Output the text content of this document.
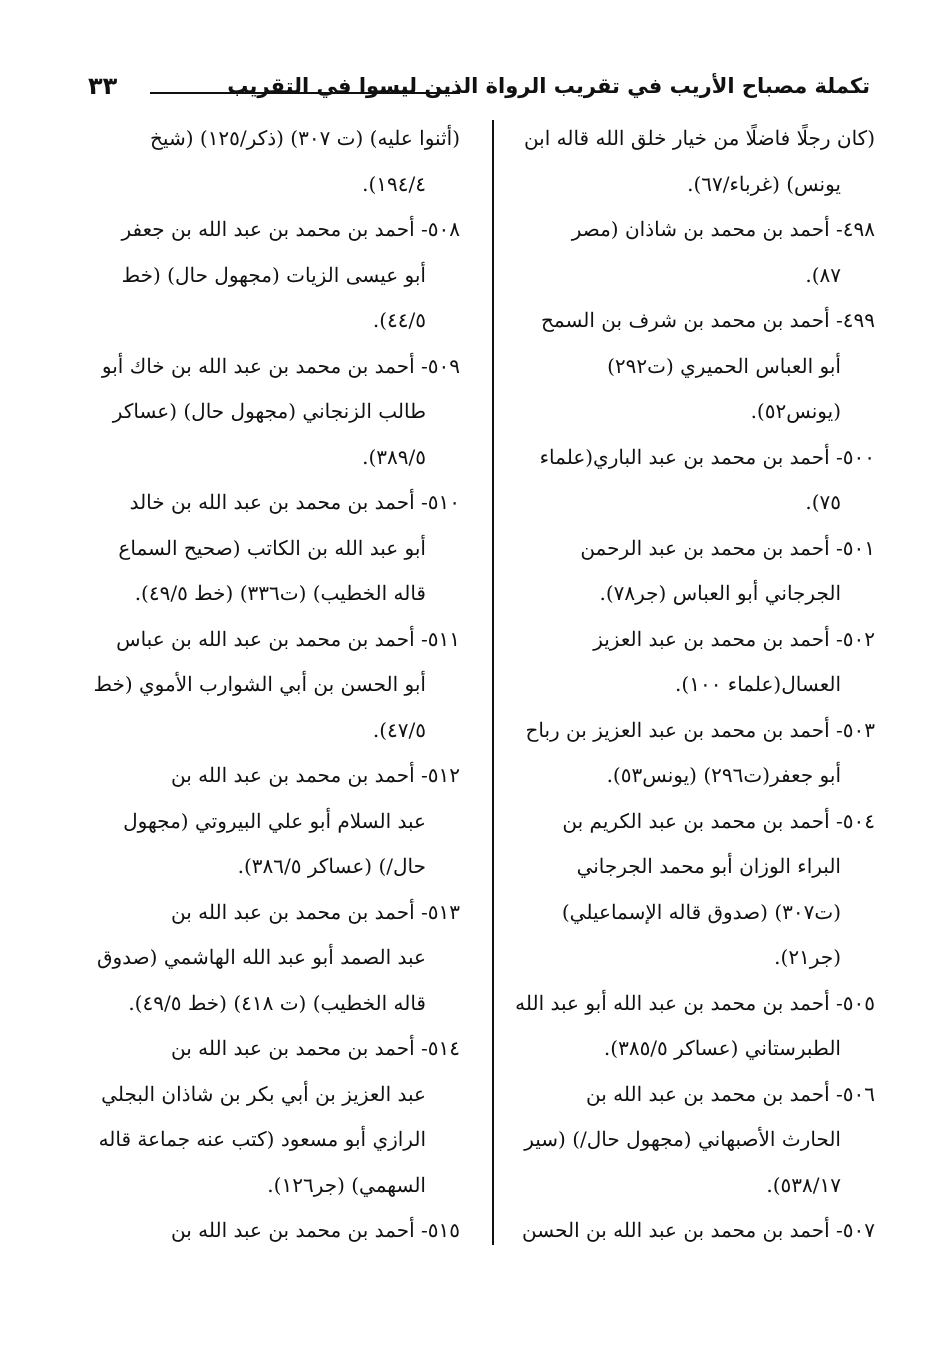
تكملة مصباح الأريب في تقريب الرواة الذين ليسوا في التقريب
٣٣
(كان رجلًا فاضلًا من خيار خلق الله قاله ابن
يونس) (غرباء/٦٧).
٤٩٨- أحمد بن محمد بن شاذان (مصر
٨٧).
٤٩٩- أحمد بن محمد بن شرف بن السمح
أبو العباس الحميري (ت٢٩٢)
(يونس٥٢).
٥٠٠- أحمد بن محمد بن عبد الباري(علماء
٧٥).
٥٠١- أحمد بن محمد بن عبد الرحمن
الجرجاني أبو العباس (جر٧٨).
٥٠٢- أحمد بن محمد بن عبد العزيز
العسال(علماء ١٠٠).
٥٠٣- أحمد بن محمد بن عبد العزيز بن رباح
أبو جعفر(ت٢٩٦) (يونس٥٣).
٥٠٤- أحمد بن محمد بن عبد الكريم بن
البراء الوزان أبو محمد الجرجاني
(ت٣٠٧) (صدوق قاله الإسماعيلي)
(جر٢١).
٥٠٥- أحمد بن محمد بن عبد الله أبو عبد الله
الطبرستاني (عساكر ٣٨٥/٥).
٥٠٦- أحمد بن محمد بن عبد الله بن
الحارث الأصبهاني (مجهول حال/) (سير
٥٣٨/١٧).
٥٠٧- أحمد بن محمد بن عبد الله بن الحسن
(أثنوا عليه) (ت ٣٠٧) (ذكر/١٢٥) (شيخ
١٩٤/٤).
٥٠٨- أحمد بن محمد بن عبد الله بن جعفر
أبو عيسى الزيات (مجهول حال) (خط
٤٤/٥).
٥٠٩- أحمد بن محمد بن عبد الله بن خاك أبو
طالب الزنجاني (مجهول حال) (عساكر
٣٨٩/٥).
٥١٠- أحمد بن محمد بن عبد الله بن خالد
أبو عبد الله بن الكاتب (صحيح السماع
قاله الخطيب) (ت٣٣٦) (خط ٤٩/٥).
٥١١- أحمد بن محمد بن عبد الله بن عباس
أبو الحسن بن أبي الشوارب الأموي (خط
٤٧/٥).
٥١٢- أحمد بن محمد بن عبد الله بن
عبد السلام أبو علي البيروتي (مجهول
حال/) (عساكر ٣٨٦/٥).
٥١٣- أحمد بن محمد بن عبد الله بن
عبد الصمد أبو عبد الله الهاشمي (صدوق
قاله الخطيب) (ت ٤١٨) (خط ٤٩/٥).
٥١٤- أحمد بن محمد بن عبد الله بن
عبد العزيز بن أبي بكر بن شاذان البجلي
الرازي أبو مسعود (كتب عنه جماعة قاله
السهمي) (جر١٢٦).
٥١٥- أحمد بن محمد بن عبد الله بن
